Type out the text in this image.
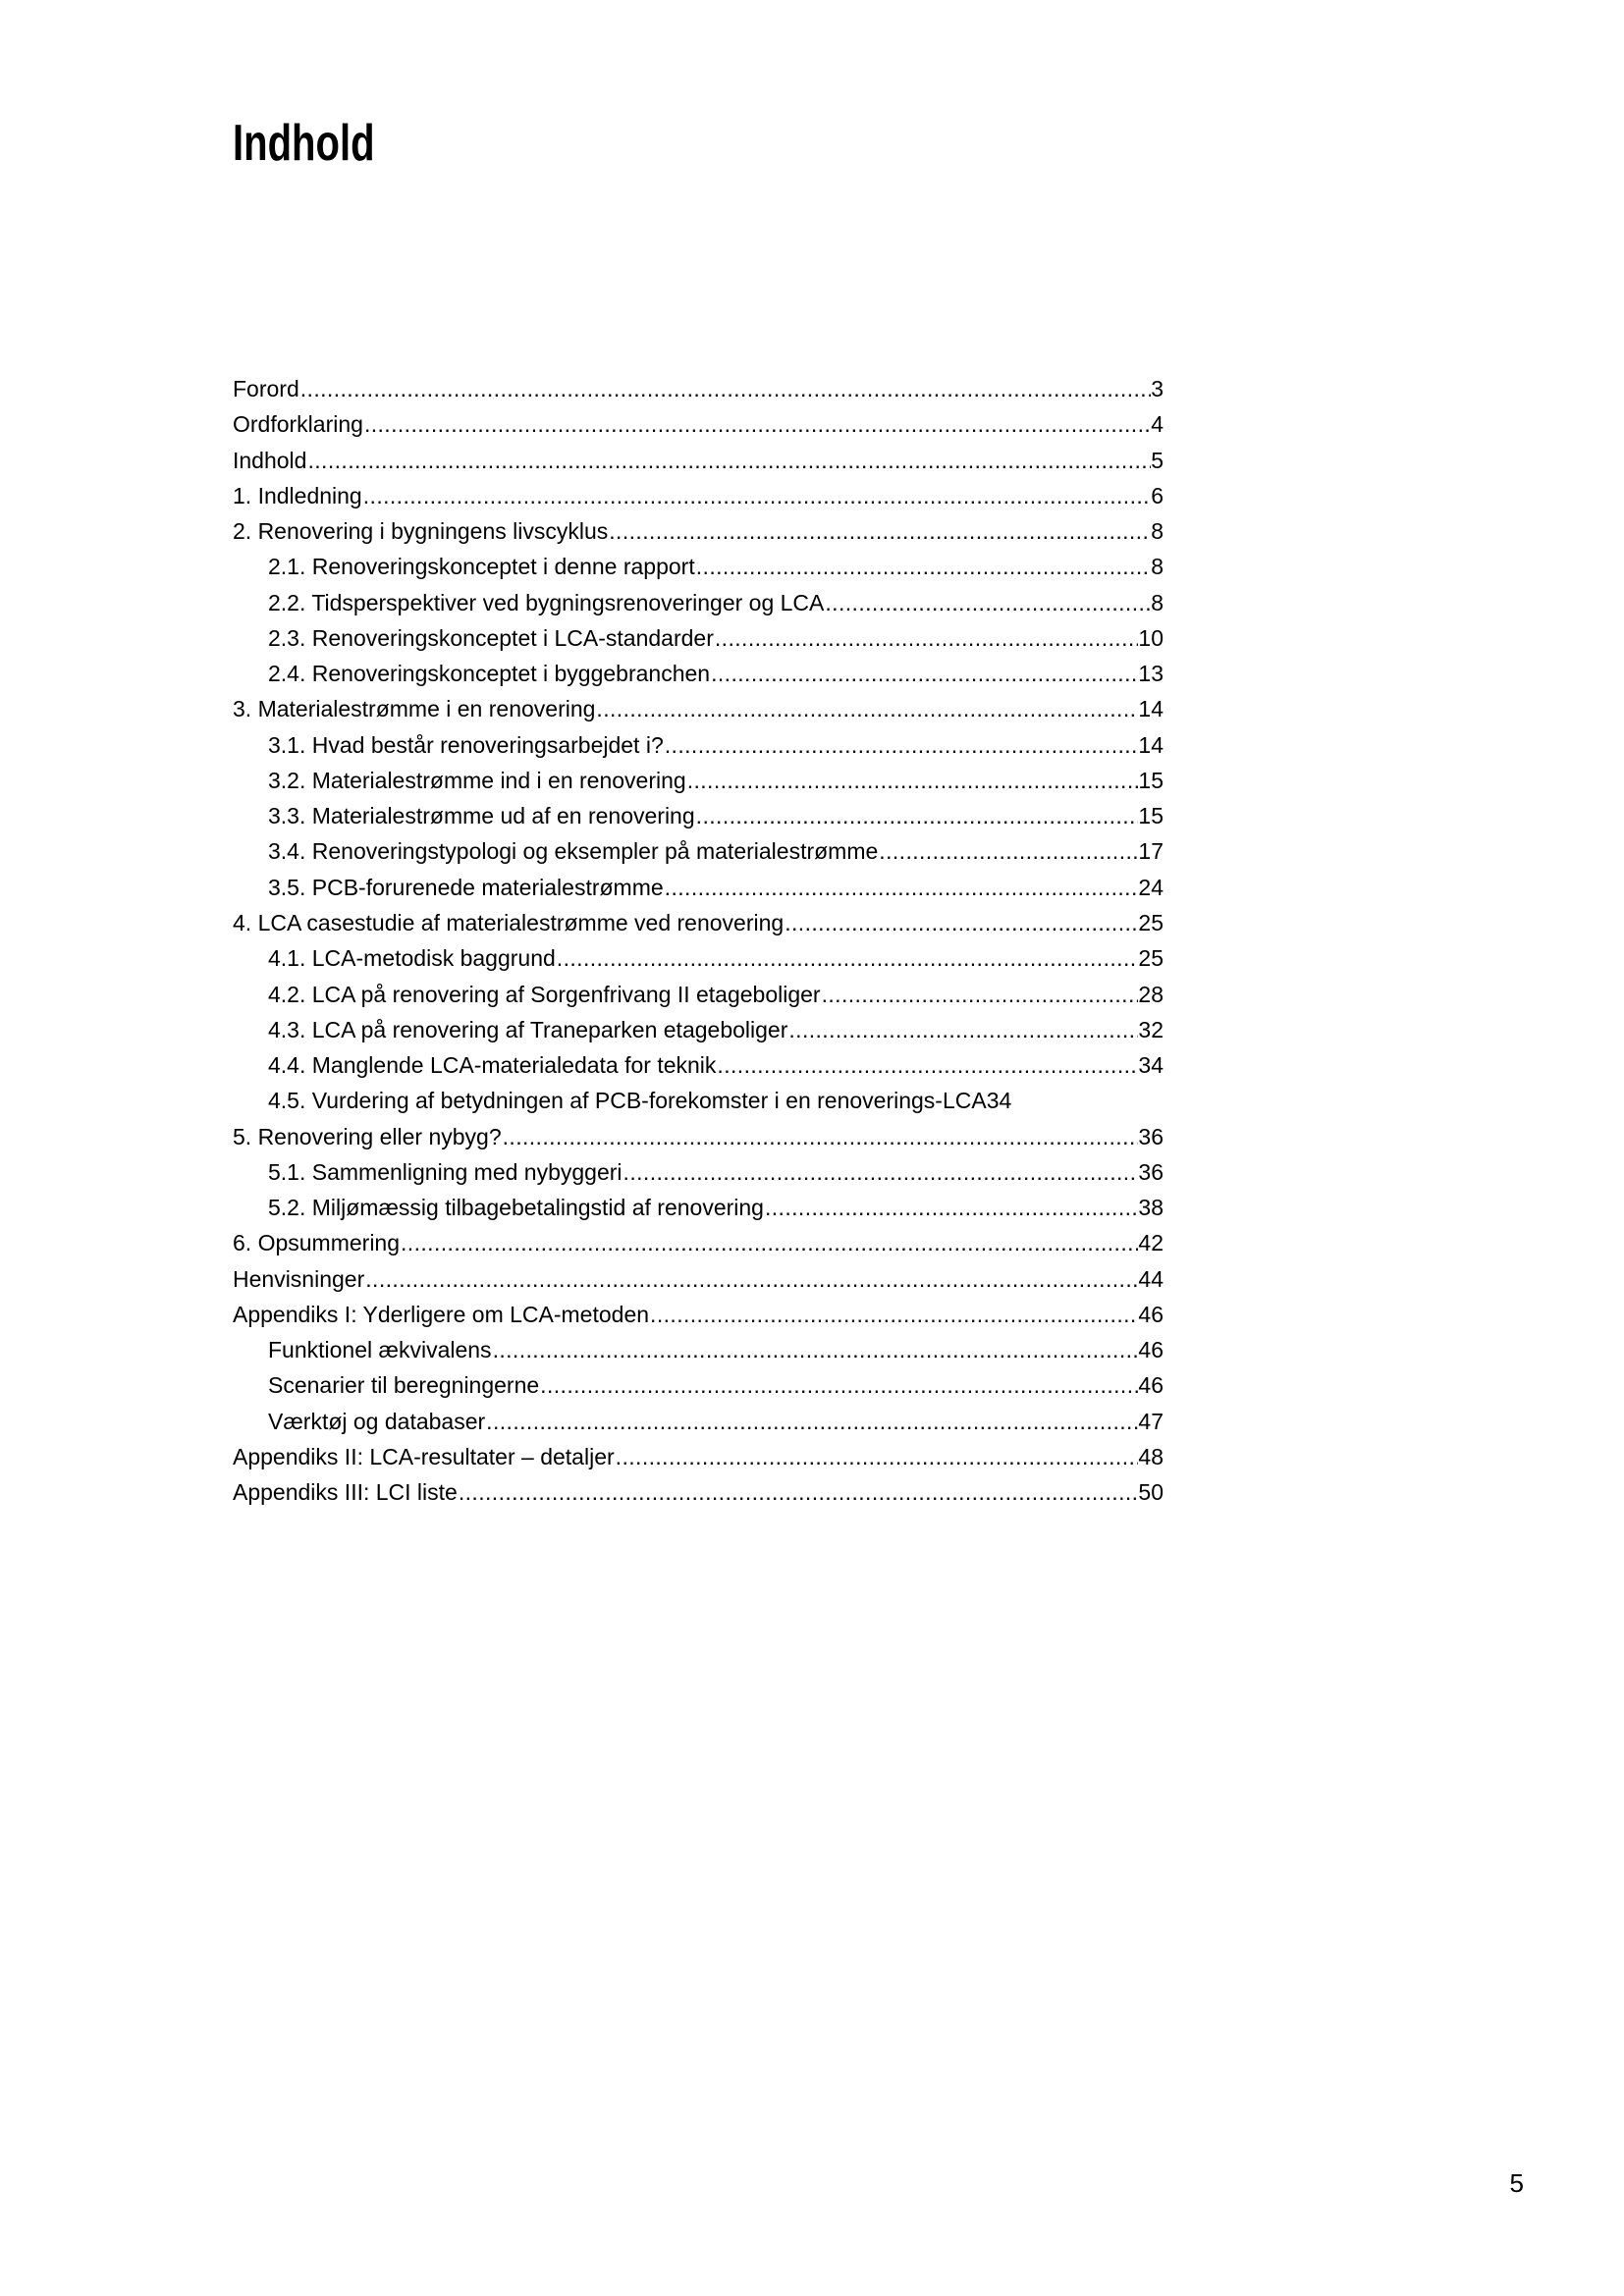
Indhold
Forord .....	3
Ordforklaring .....	4
Indhold .....	5
1. Indledning .....	6
2. Renovering i bygningens livscyklus .....	8
2.1. Renoveringskonceptet i denne rapport .....	8
2.2. Tidsperspektiver ved bygningsrenoveringer og LCA .....	8
2.3. Renoveringskonceptet i LCA-standarder .....	10
2.4. Renoveringskonceptet i byggebranchen .....	13
3. Materialestrømme i en renovering .....	14
3.1. Hvad består renoveringsarbejdet i? .....	14
3.2. Materialestrømme ind i en renovering .....	15
3.3. Materialestrømme ud af en renovering .....	15
3.4. Renoveringstypologi og eksempler på materialestrømme .....	17
3.5. PCB-forurenede materialestrømme .....	24
4. LCA casestudie af materialestrømme ved renovering .....	25
4.1. LCA-metodisk baggrund .....	25
4.2. LCA på renovering af Sorgenfrivang II etageboliger .....	28
4.3. LCA på renovering af Traneparken etageboliger .....	32
4.4. Manglende LCA-materialedata for teknik .....	34
4.5. Vurdering af betydningen af PCB-forekomster i en renoverings-LCA 34
5. Renovering eller nybyg? .....	36
5.1. Sammenligning med nybyggeri .....	36
5.2. Miljømæssig tilbagebetalingstid af renovering .....	38
6. Opsummering .....	42
Henvisninger .....	44
Appendiks I: Yderligere om LCA-metoden .....	46
Funktionel ækvivalens .....	46
Scenarier til beregningerne .....	46
Værktøj og databaser .....	47
Appendiks II: LCA-resultater – detaljer .....	48
Appendiks III: LCI liste .....	50
5
